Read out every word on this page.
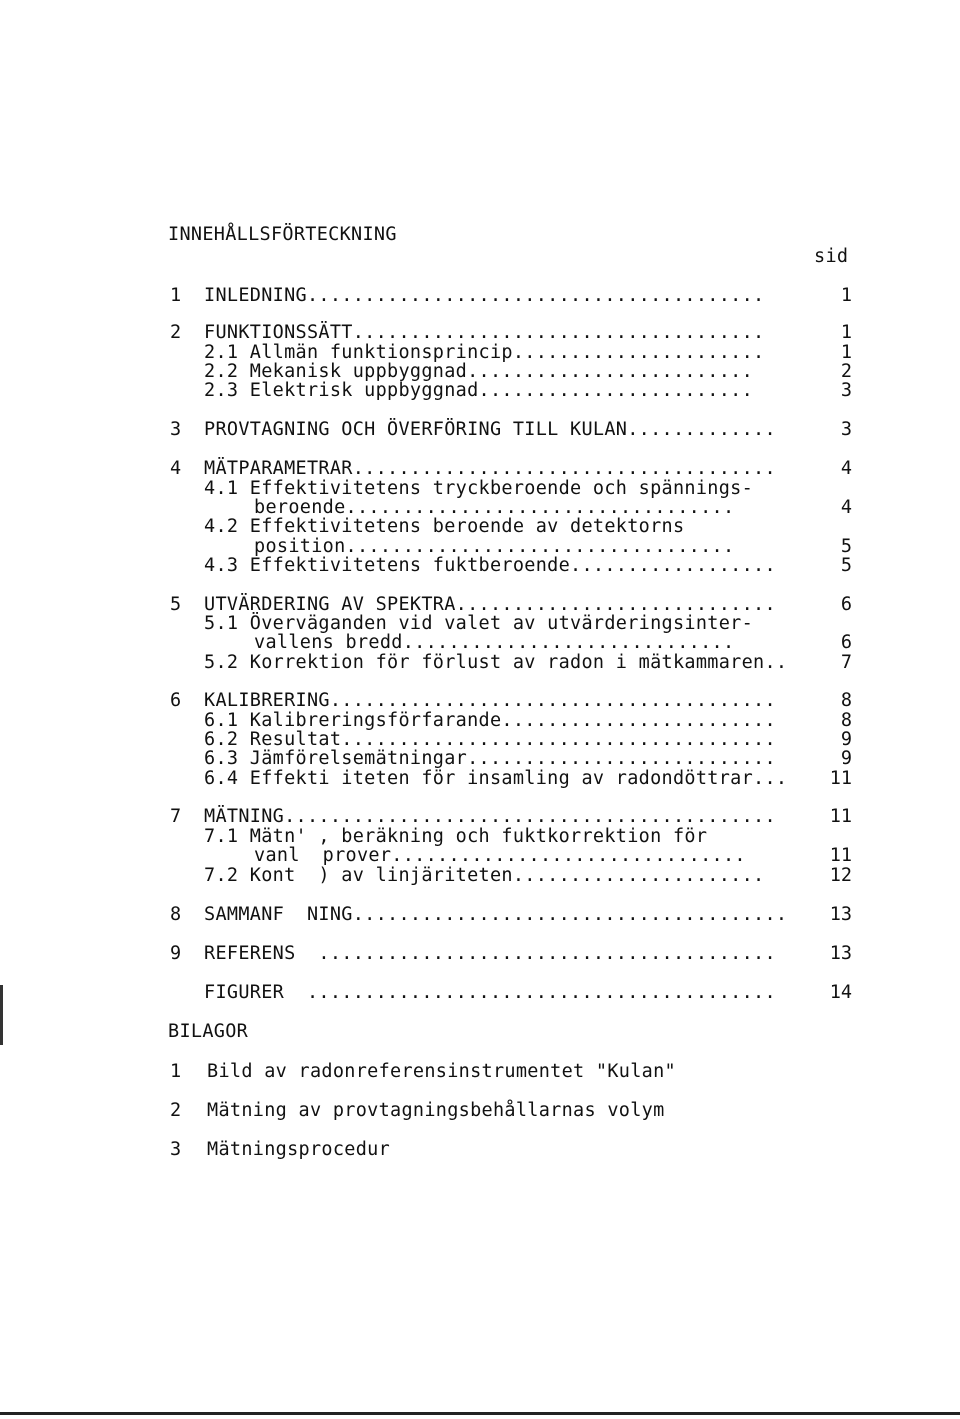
INNEHÅLLSFÖRTECKNING
sid
1 INLEDNING........................................	1
2 FUNKTIONSSÄTT....................................	1
2.1 Allmän funktionsprincip......................	1
2.2 Mekanisk uppbyggnad.........................	2
2.3 Elektrisk uppbyggnad........................	3
3 PROVTAGNING OCH ÖVERFÖRING TILL KULAN.............	3
4 MÄTPARAMETRAR.....................................	4
4.1 Effektivitetens tryckberoende och spännings-
beroende..................................	4
4.2 Effektivitetens beroende av detektorns
position..................................	5
4.3 Effektivitetens fuktberoende..................	5
5 UTVÄRDERING AV SPEKTRA............................	6
5.1 Överväganden vid valet av utvärderingsinter-
vallens bredd.............................	6
5.2 Korrektion för förlust av radon i mätkammaren..	7
6 KALIBRERING.......................................	8
6.1 Kalibreringsförfarande........................	8
6.2 Resultat......................................	9
6.3 Jämförelsemätningar...........................	9
6.4 Effekti iteten för insamling av radondöttrar...	11
7 MÄTNING...........................................	11
7.1 Mätn' , beräkning och fuktkorrektion för
vanl  prover...............................	11
7.2 Kont  ) av linjäriteten......................	12
8 SAMMANF  NING......................................	13
9 REFERENS  ........................................	13
FIGURER  .........................................	14
BILAGOR
1 Bild av radonreferensinstrumentet "Kulan"
2 Mätning av provtagningsbehållarnas volym
3 Mätningsprocedur
